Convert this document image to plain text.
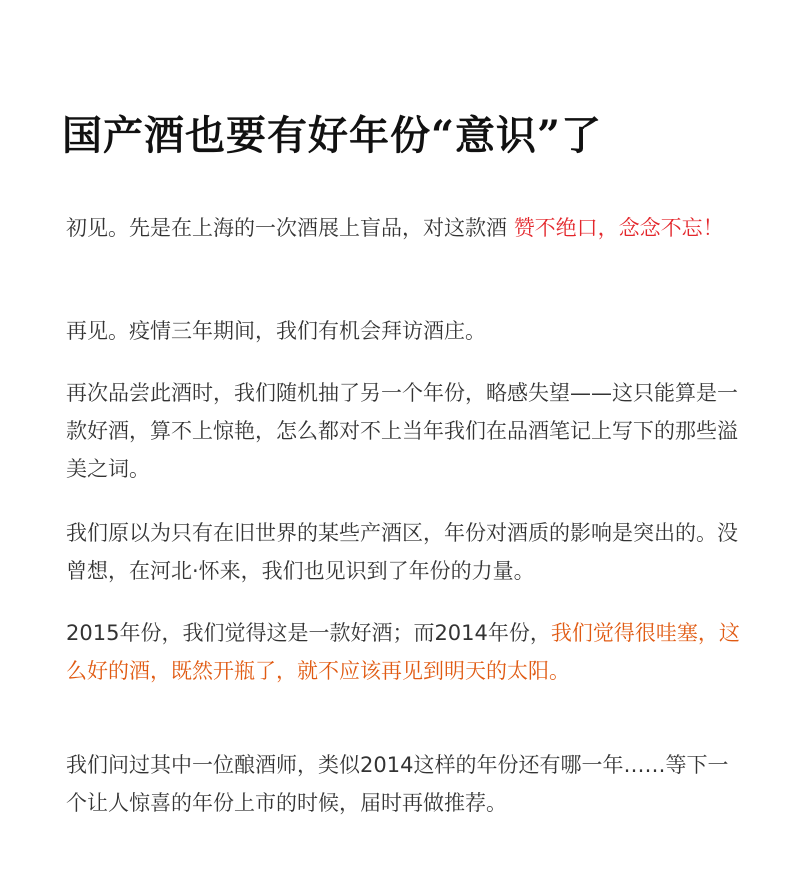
国产酒也要有好年份“意识”了

初见。先是在上海的一次酒展上盲品，对这款酒 赞不绝口，念念不忘！

再见。疫情三年期间，我们有机会拜访酒庄。

再次品尝此酒时，我们随机抽了另一个年份，略感失望——这只能算是一款好酒，算不上惊艳，怎么都对不上当年我们在品酒笔记上写下的那些溢美之词。

我们原以为只有在旧世界的某些产酒区，年份对酒质的影响是突出的。没曾想，在河北·怀来，我们也见识到了年份的力量。

2015年份，我们觉得这是一款好酒；而2014年份，我们觉得很哇塞，这么好的酒，既然开瓶了，就不应该再见到明天的太阳。

我们问过其中一位酿酒师，类似2014这样的年份还有哪一年……等下一个让人惊喜的年份上市的时候，届时再做推荐。
